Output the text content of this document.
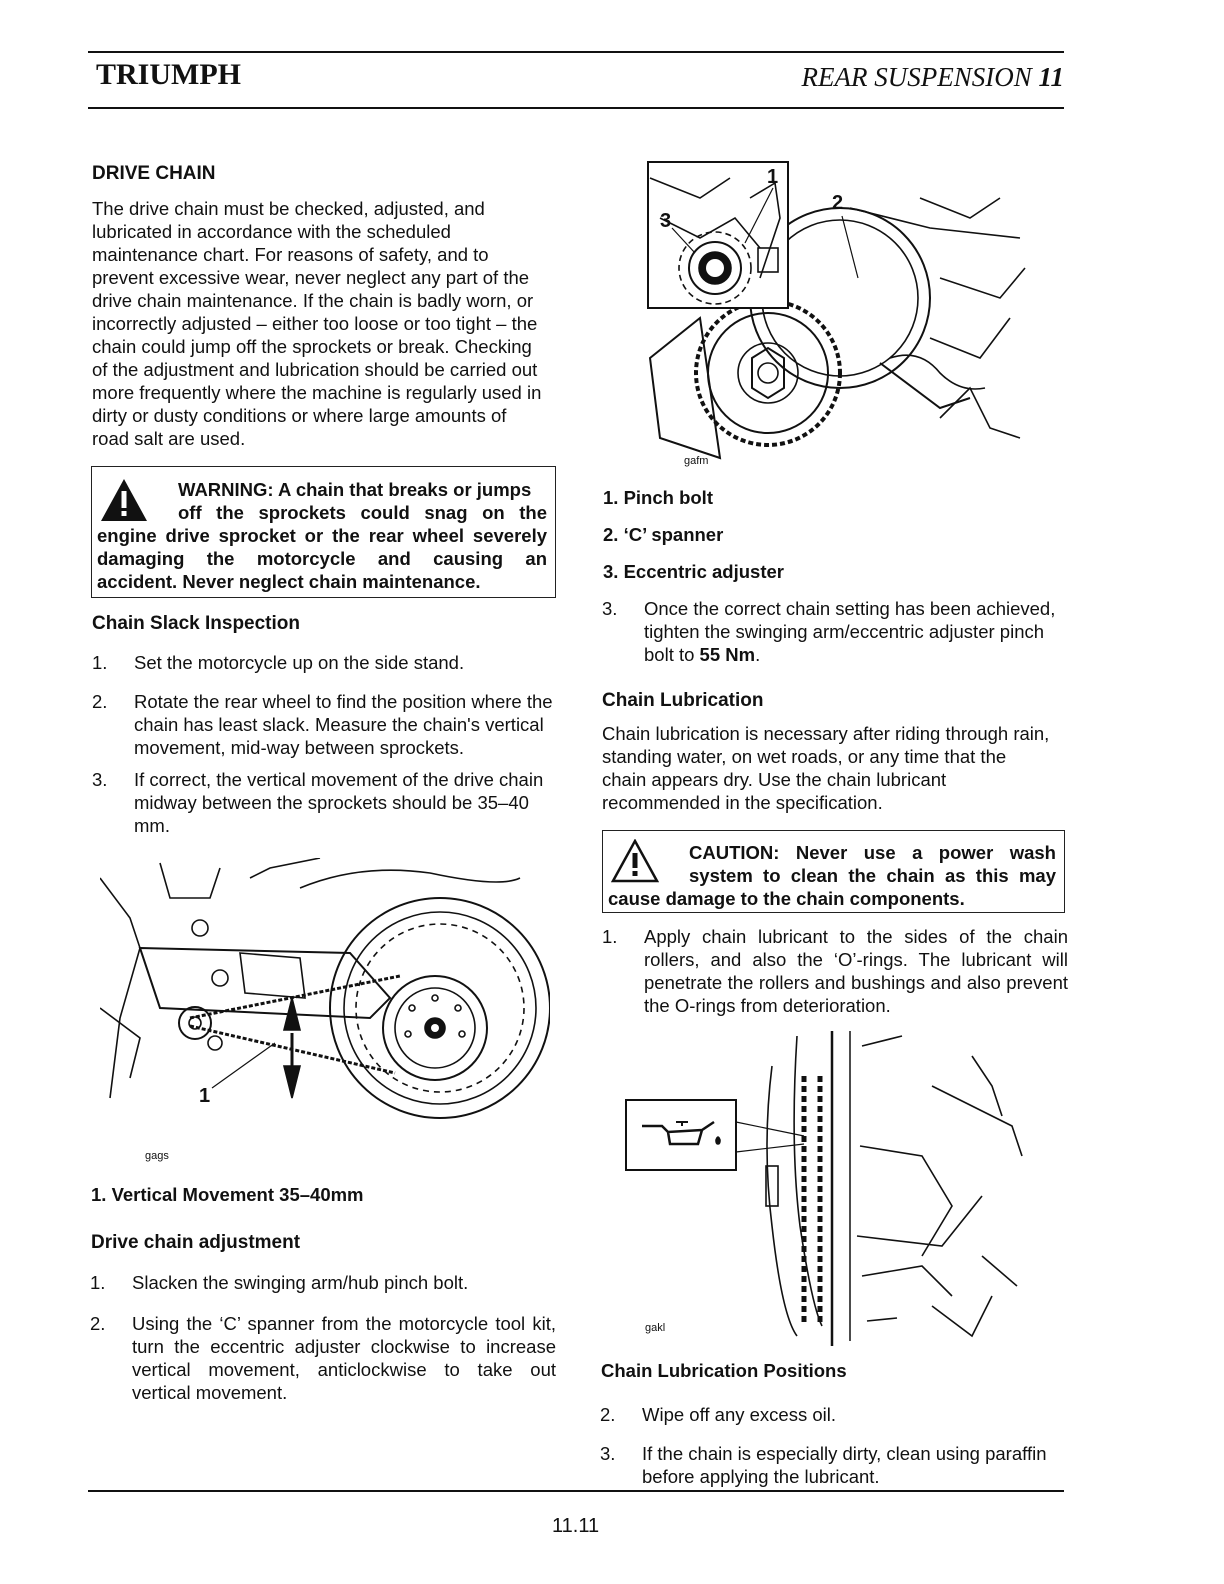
TRIUMPH	REAR SUSPENSION 11
DRIVE CHAIN
The drive chain must be checked, adjusted, and
lubricated in accordance with the scheduled
maintenance chart. For reasons of safety, and to
prevent excessive wear, never neglect any part of the
drive chain maintenance. If the chain is badly worn, or
incorrectly adjusted – either too loose or too tight – the
chain could jump off the sprockets or break. Checking
of the adjustment and lubrication should be carried out
more frequently where the machine is regularly used in
dirty or dusty conditions or where large amounts of
road salt are used.
WARNING: A chain that breaks or jumps
off the sprockets could snag on the
engine drive sprocket or the rear wheel severely
damaging the motorcycle and causing an
accident. Never neglect chain maintenance.
Chain Slack Inspection
1. Set the motorcycle up on the side stand.
2. Rotate the rear wheel to find the position where the chain has least slack. Measure the chain's vertical movement, mid-way between sprockets.
3. If correct, the vertical movement of the drive chain midway between the sprockets should be 35–40 mm.
1
gags
1. Vertical Movement 35–40mm
Drive chain adjustment
1. Slacken the swinging arm/hub pinch bolt.
2. Using the ‘C’ spanner from the motorcycle tool kit, turn the eccentric adjuster clockwise to increase vertical movement, anticlockwise to take out vertical movement.
1
2
3
gafm
1. Pinch bolt
2. ‘C’ spanner
3. Eccentric adjuster
3. Once the correct chain setting has been achieved, tighten the swinging arm/eccentric adjuster pinch bolt to 55 Nm.
Chain Lubrication
Chain lubrication is necessary after riding through rain,
standing water, on wet roads, or any time that the
chain appears dry. Use the chain lubricant
recommended in the specification.
CAUTION: Never use a power wash
system to clean the chain as this may
cause damage to the chain components.
1. Apply chain lubricant to the sides of the chain rollers, and also the ‘O’-rings. The lubricant will penetrate the rollers and bushings and also prevent the O-rings from deterioration.
gakl
Chain Lubrication Positions
2. Wipe off any excess oil.
3. If the chain is especially dirty, clean using paraffin before applying the lubricant.
11.11
